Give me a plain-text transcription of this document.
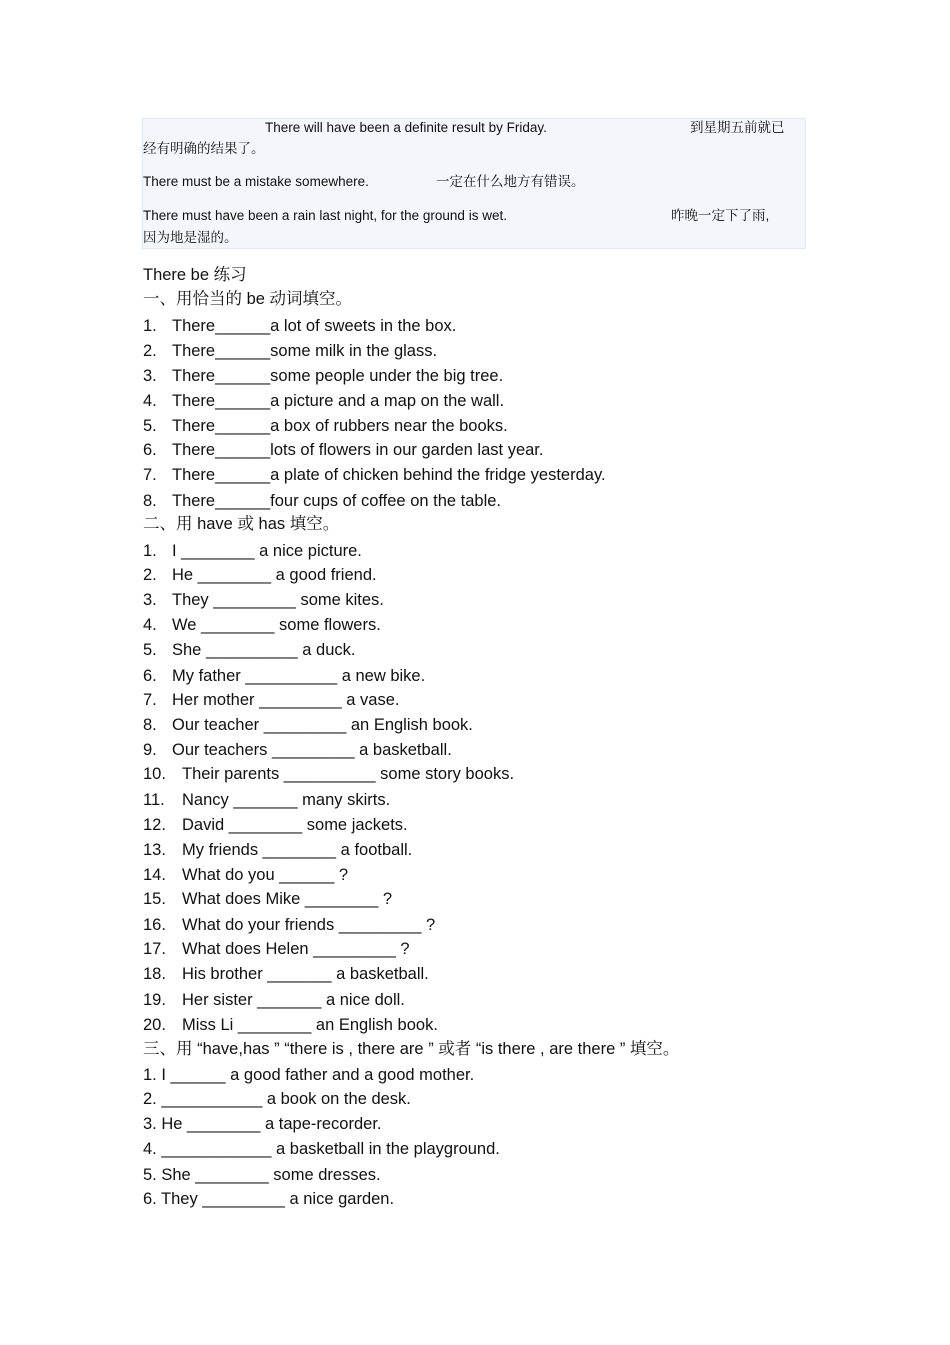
There will have been a definite result by Friday.	到星期五前就已
经有明确的结果了。
There must be a mistake somewhere.	一定在什么地方有错误。
There must have been a rain last night, for the ground is wet.	昨晚一定下了雨,
因为地是湿的。
There be 练习
一、用恰当的 be 动词填空。
1. There______a lot of sweets in the box.
2. There______some milk in the glass.
3. There______some people under the big tree.
4. There______a picture and a map on the wall.
5. There______a box of rubbers near the books.
6. There______lots of flowers in our garden last year.
7. There______a plate of chicken behind the fridge yesterday.
8. There______four cups of coffee on the table.
二、用 have 或 has 填空。
1. I ________ a nice picture.
2. He ________ a good friend.
3. They _________ some kites.
4. We ________ some flowers.
5. She __________ a duck.
6. My father __________ a new bike.
7. Her mother _________ a vase.
8. Our teacher _________ an English book.
9. Our teachers _________ a basketball.
10. Their parents __________ some story books.
11. Nancy _______ many skirts.
12. David ________ some jackets.
13. My friends ________ a football.
14. What do you ______ ?
15. What does Mike ________ ?
16. What do your friends _________ ?
17. What does Helen _________ ?
18. His brother _______ a basketball.
19. Her sister _______ a nice doll.
20. Miss Li ________ an English book.
三、用 “have,has ” “there is , there are ” 或者 “is there , are there ” 填空。
1. I ______ a good father and a good mother.
2. ___________ a book on the desk.
3. He ________ a tape-recorder.
4. ____________ a basketball in the playground.
5. She ________ some dresses.
6. They _________ a nice garden.
